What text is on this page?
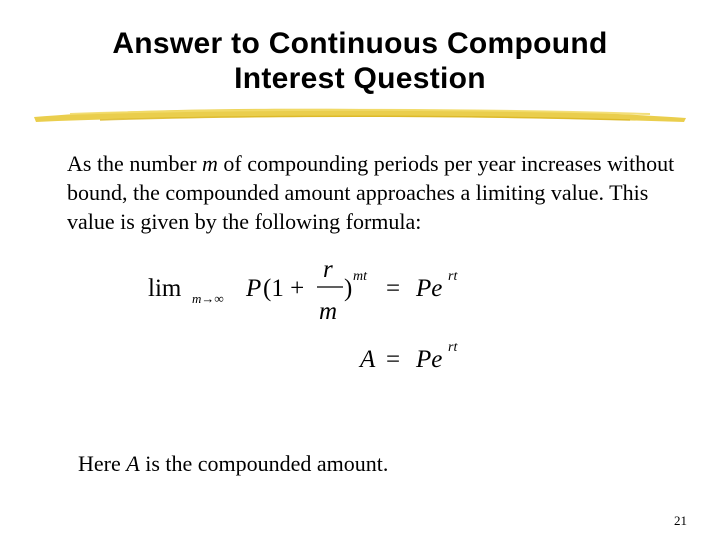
Answer to Continuous Compound
Interest Question
As the number m of compounding periods per year increases without bound, the compounded amount approaches a limiting value. This value is given by the following formula:
lim m→∞ P (1 +
r
m
) mt = Pe rt
A = Pe rt
Here A is the compounded amount.
21
